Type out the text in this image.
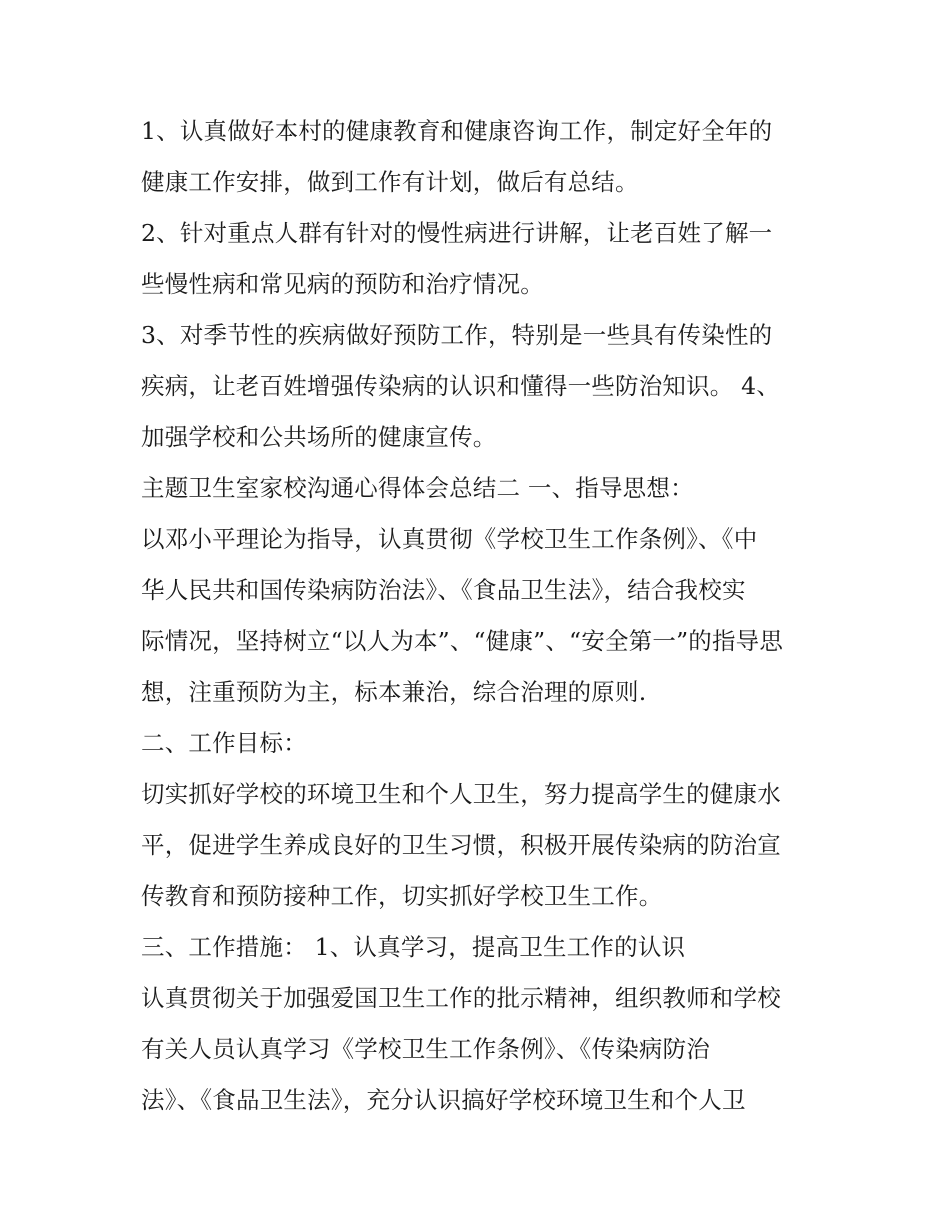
1、认真做好本村的健康教育和健康咨询工作，制定好全年的
健康工作安排，做到工作有计划，做后有总结。
2、针对重点人群有针对的慢性病进行讲解，让老百姓了解一
些慢性病和常见病的预防和治疗情况。
3、对季节性的疾病做好预防工作，特别是一些具有传染性的
疾病，让老百姓增强传染病的认识和懂得一些防治知识。 4、
加强学校和公共场所的健康宣传。
主题卫生室家校沟通心得体会总结二 一、指导思想：
以邓小平理论为指导，认真贯彻《学校卫生工作条例》、《中
华人民共和国传染病防治法》、《食品卫生法》，结合我校实
际情况，坚持树立“以人为本”、“健康”、“安全第一”的指导思
想，注重预防为主，标本兼治，综合治理的原则.
二、工作目标：
切实抓好学校的环境卫生和个人卫生，努力提高学生的健康水
平，促进学生养成良好的卫生习惯，积极开展传染病的防治宣
传教育和预防接种工作，切实抓好学校卫生工作。
三、工作措施： 1、认真学习，提高卫生工作的认识
认真贯彻关于加强爱国卫生工作的批示精神，组织教师和学校
有关人员认真学习《学校卫生工作条例》、《传染病防治
法》、《食品卫生法》，充分认识搞好学校环境卫生和个人卫
